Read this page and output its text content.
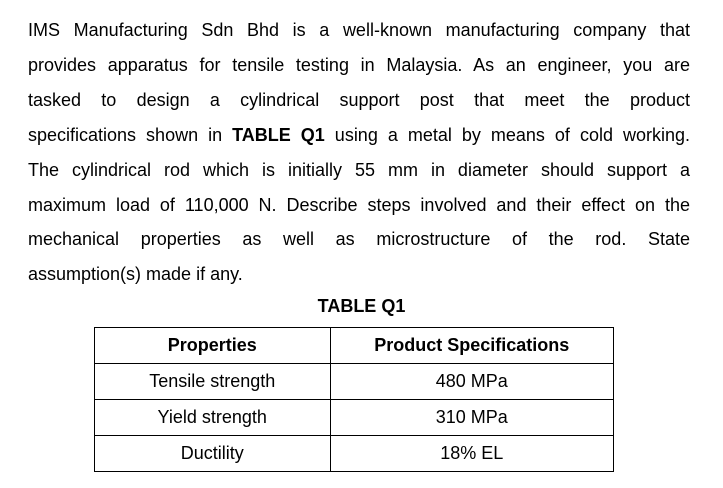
IMS Manufacturing Sdn Bhd is a well-known manufacturing company that
provides apparatus for tensile testing in Malaysia. As an engineer, you are
tasked to design a cylindrical support post that meet the product
specifications shown in TABLE Q1 using a metal by means of cold working.
The cylindrical rod which is initially 55 mm in diameter should support a
maximum load of 110,000 N. Describe steps involved and their effect on the
mechanical properties as well as microstructure of the rod. State
assumption(s) made if any.

TABLE Q1

Properties	Product Specifications
Tensile strength	480 MPa
Yield strength	310 MPa
Ductility	18% EL
